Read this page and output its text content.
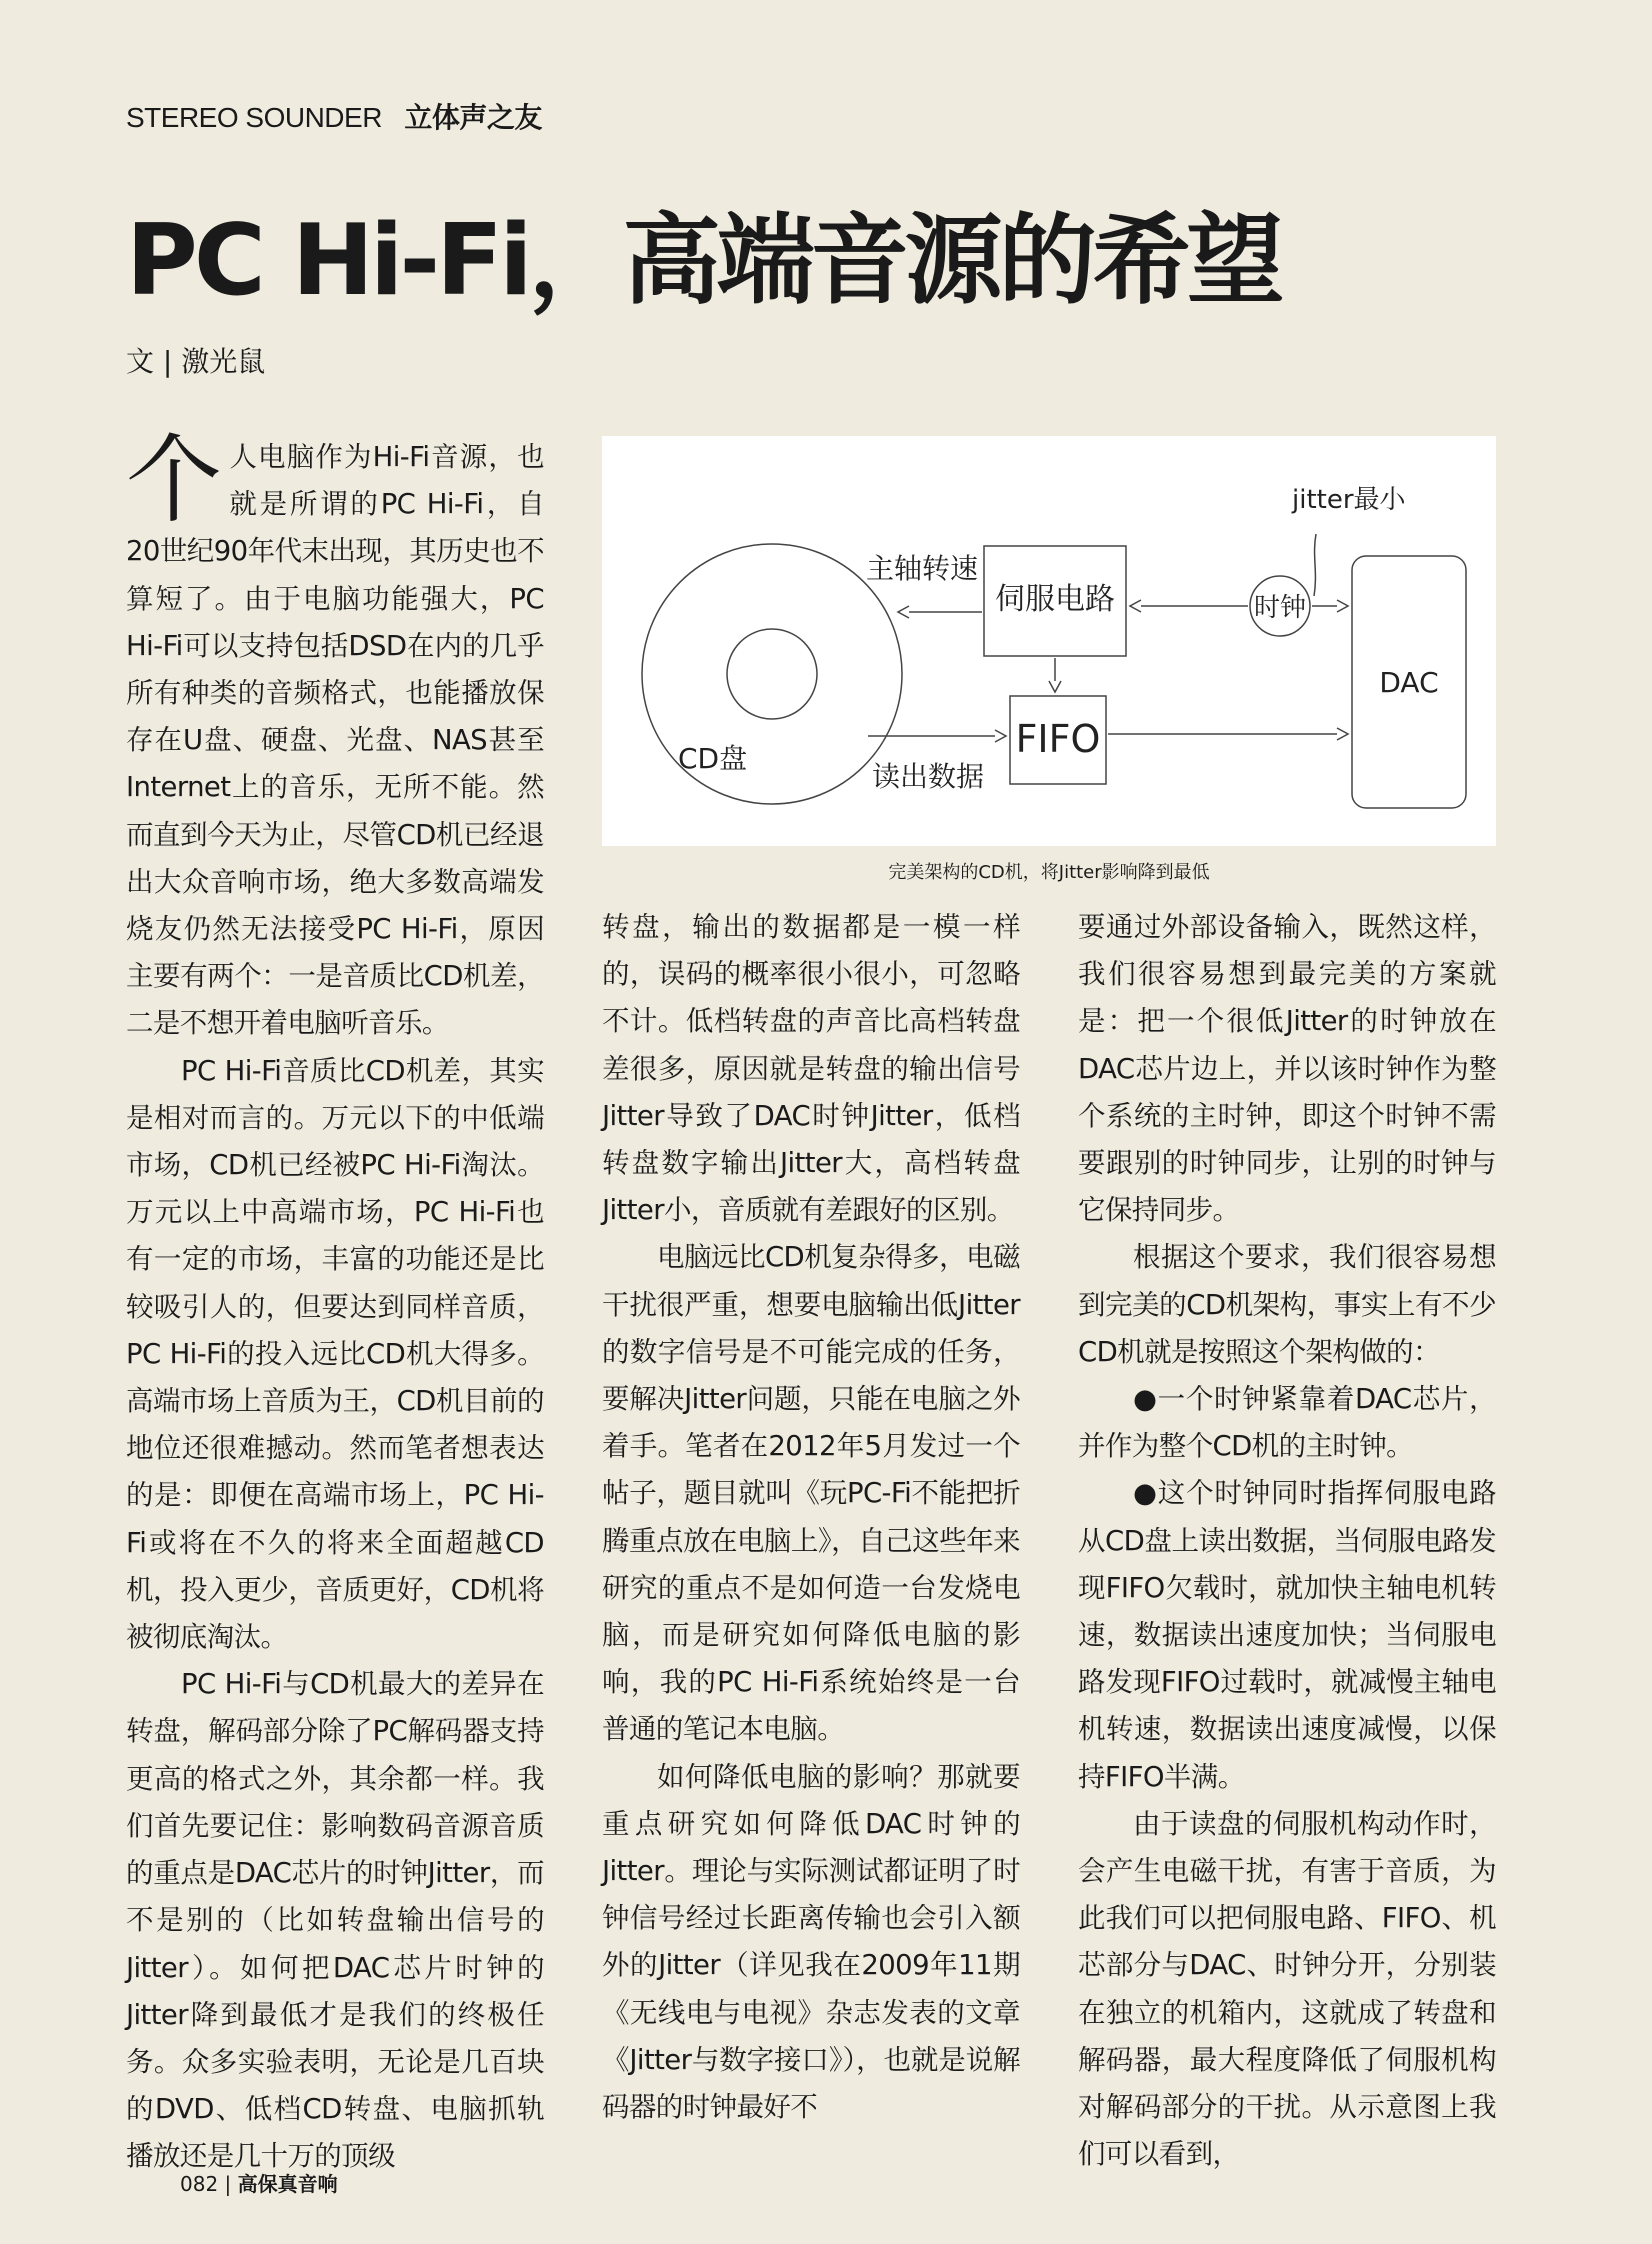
STEREO SOUNDER 立体声之友
PC Hi-Fi，高端音源的希望
文 | 激光鼠

个 人电脑作为Hi-Fi音源，也就是所谓的PC Hi-Fi，自20世纪90年代末出现，其历史也不算短了。由于电脑功能强大，PC Hi-Fi可以支持包括DSD在内的几乎所有种类的音频格式，也能播放保存在U盘、硬盘、光盘、NAS甚至Internet上的音乐，无所不能。然而直到今天为止，尽管CD机已经退出大众音响市场，绝大多数高端发烧友仍然无法接受PC Hi-Fi，原因主要有两个：一是音质比CD机差，二是不想开着电脑听音乐。

PC Hi-Fi音质比CD机差，其实是相对而言的。万元以下的中低端市场，CD机已经被PC Hi-Fi淘汰。万元以上中高端市场，PC Hi-Fi也有一定的市场，丰富的功能还是比较吸引人的，但要达到同样音质，PC Hi-Fi的投入远比CD机大得多。高端市场上音质为王，CD机目前的地位还很难撼动。然而笔者想表达的是：即便在高端市场上，PC Hi-Fi或将在不久的将来全面超越CD机，投入更少，音质更好，CD机将被彻底淘汰。

PC Hi-Fi与CD机最大的差异在转盘，解码部分除了PC解码器支持更高的格式之外，其余都一样。我们首先要记住：影响数码音源音质的重点是DAC芯片的时钟Jitter，而不是别的（比如转盘输出信号的Jitter）。如何把DAC芯片时钟的Jitter降到最低才是我们的终极任务。众多实验表明，无论是几百块的DVD、低档CD转盘、电脑抓轨播放还是几十万的顶级

CD盘
伺服电路
FIFO
时钟
DAC
jitter最小
主轴转速
读出数据
完美架构的CD机，将Jitter影响降到最低

转盘，输出的数据都是一模一样的，误码的概率很小很小，可忽略不计。低档转盘的声音比高档转盘差很多，原因就是转盘的输出信号Jitter导致了DAC时钟Jitter，低档转盘数字输出Jitter大，高档转盘Jitter小，音质就有差跟好的区别。

电脑远比CD机复杂得多，电磁干扰很严重，想要电脑输出低Jitter的数字信号是不可能完成的任务，要解决Jitter问题，只能在电脑之外着手。笔者在2012年5月发过一个帖子，题目就叫《玩PC-Fi不能把折腾重点放在电脑上》，自己这些年来研究的重点不是如何造一台发烧电脑，而是研究如何降低电脑的影响，我的PC Hi-Fi系统始终是一台普通的笔记本电脑。

如何降低电脑的影响？那就要重点研究如何降低DAC时钟的Jitter。理论与实际测试都证明了时钟信号经过长距离传输也会引入额外的Jitter（详见我在2009年11期《无线电与电视》杂志发表的文章《Jitter与数字接口》），也就是说解码器的时钟最好不

要通过外部设备输入，既然这样，我们很容易想到最完美的方案就是：把一个很低Jitter的时钟放在DAC芯片边上，并以该时钟作为整个系统的主时钟，即这个时钟不需要跟别的时钟同步，让别的时钟与它保持同步。

根据这个要求，我们很容易想到完美的CD机架构，事实上有不少CD机就是按照这个架构做的：

●一个时钟紧靠着DAC芯片，并作为整个CD机的主时钟。

●这个时钟同时指挥伺服电路从CD盘上读出数据，当伺服电路发现FIFO欠载时，就加快主轴电机转速，数据读出速度加快；当伺服电路发现FIFO过载时，就减慢主轴电机转速，数据读出速度减慢，以保持FIFO半满。

由于读盘的伺服机构动作时，会产生电磁干扰，有害于音质，为此我们可以把伺服电路、FIFO、机芯部分与DAC、时钟分开，分别装在独立的机箱内，这就成了转盘和解码器，最大程度降低了伺服机构对解码部分的干扰。从示意图上我们可以看到，

082 | 高保真音响
